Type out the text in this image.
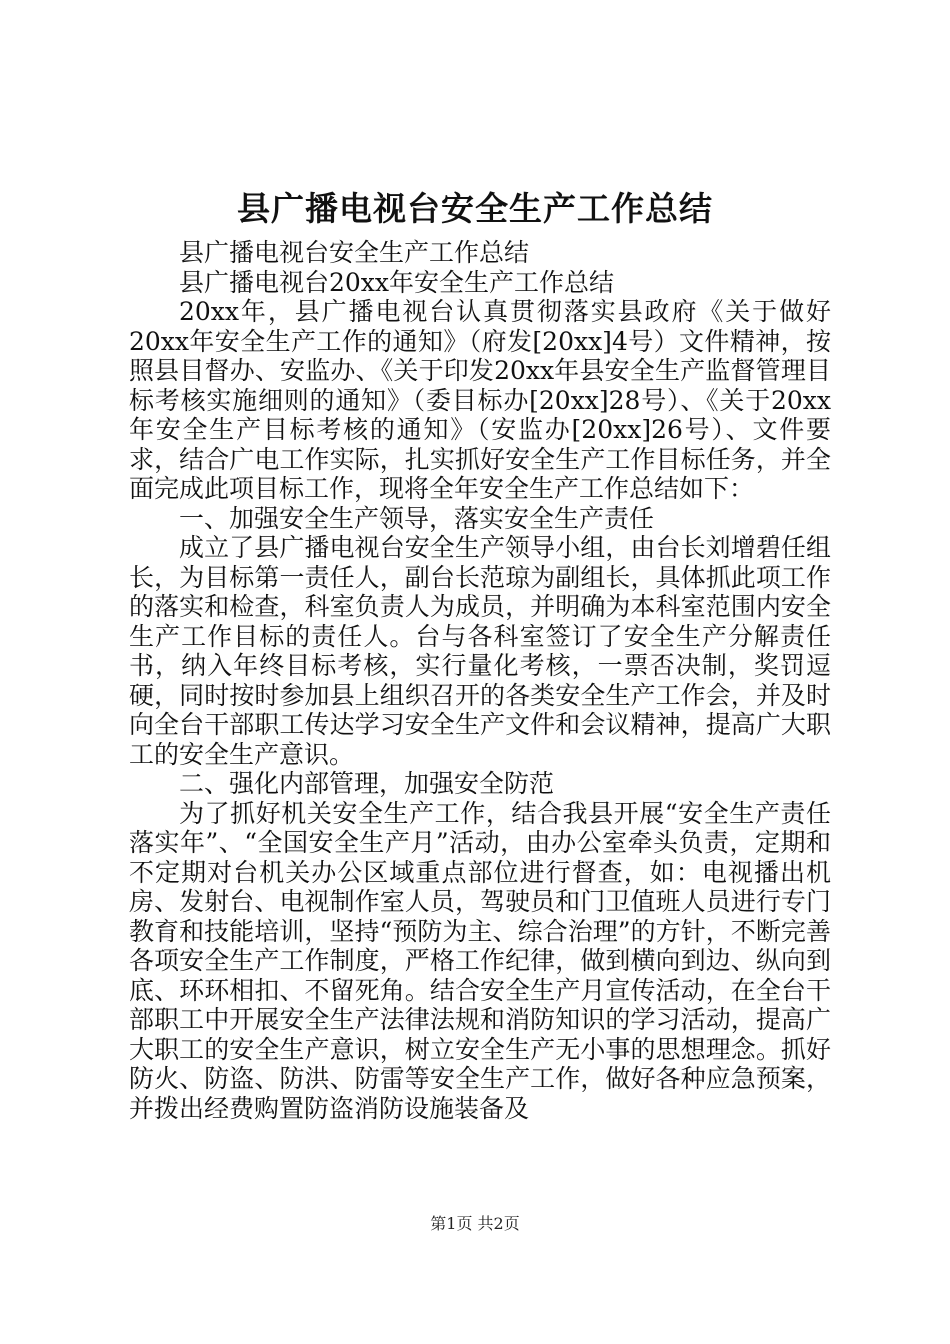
县广播电视台安全生产工作总结

县广播电视台安全生产工作总结

县广播电视台20xx年安全生产工作总结

20xx年，县广播电视台认真贯彻落实县政府《关于做好20xx年安全生产工作的通知》（府发[20xx]4号）文件精神，按照县目督办、安监办、《关于印发20xx年县安全生产监督管理目标考核实施细则的通知》（委目标办[20xx]28号）、《关于20xx年安全生产目标考核的通知》（安监办[20xx]26号）、文件要求，结合广电工作实际，扎实抓好安全生产工作目标任务，并全面完成此项目标工作，现将全年安全生产工作总结如下：

一、加强安全生产领导，落实安全生产责任

成立了县广播电视台安全生产领导小组，由台长刘增碧任组长，为目标第一责任人，副台长范琼为副组长，具体抓此项工作的落实和检查，科室负责人为成员，并明确为本科室范围内安全生产工作目标的责任人。台与各科室签订了安全生产分解责任书，纳入年终目标考核，实行量化考核，一票否决制，奖罚逗硬，同时按时参加县上组织召开的各类安全生产工作会，并及时向全台干部职工传达学习安全生产文件和会议精神，提高广大职工的安全生产意识。

二、强化内部管理，加强安全防范

为了抓好机关安全生产工作，结合我县开展“安全生产责任落实年”、“全国安全生产月”活动，由办公室牵头负责，定期和不定期对台机关办公区域重点部位进行督查，如：电视播出机房、发射台、电视制作室人员，驾驶员和门卫值班人员进行专门教育和技能培训，坚持“预防为主、综合治理”的方针，不断完善各项安全生产工作制度，严格工作纪律，做到横向到边、纵向到底、环环相扣、不留死角。结合安全生产月宣传活动，在全台干部职工中开展安全生产法律法规和消防知识的学习活动，提高广大职工的安全生产意识，树立安全生产无小事的思想理念。抓好防火、防盗、防洪、防雷等安全生产工作，做好各种应急预案，并拨出经费购置防盗消防设施装备及

第1页 共2页
